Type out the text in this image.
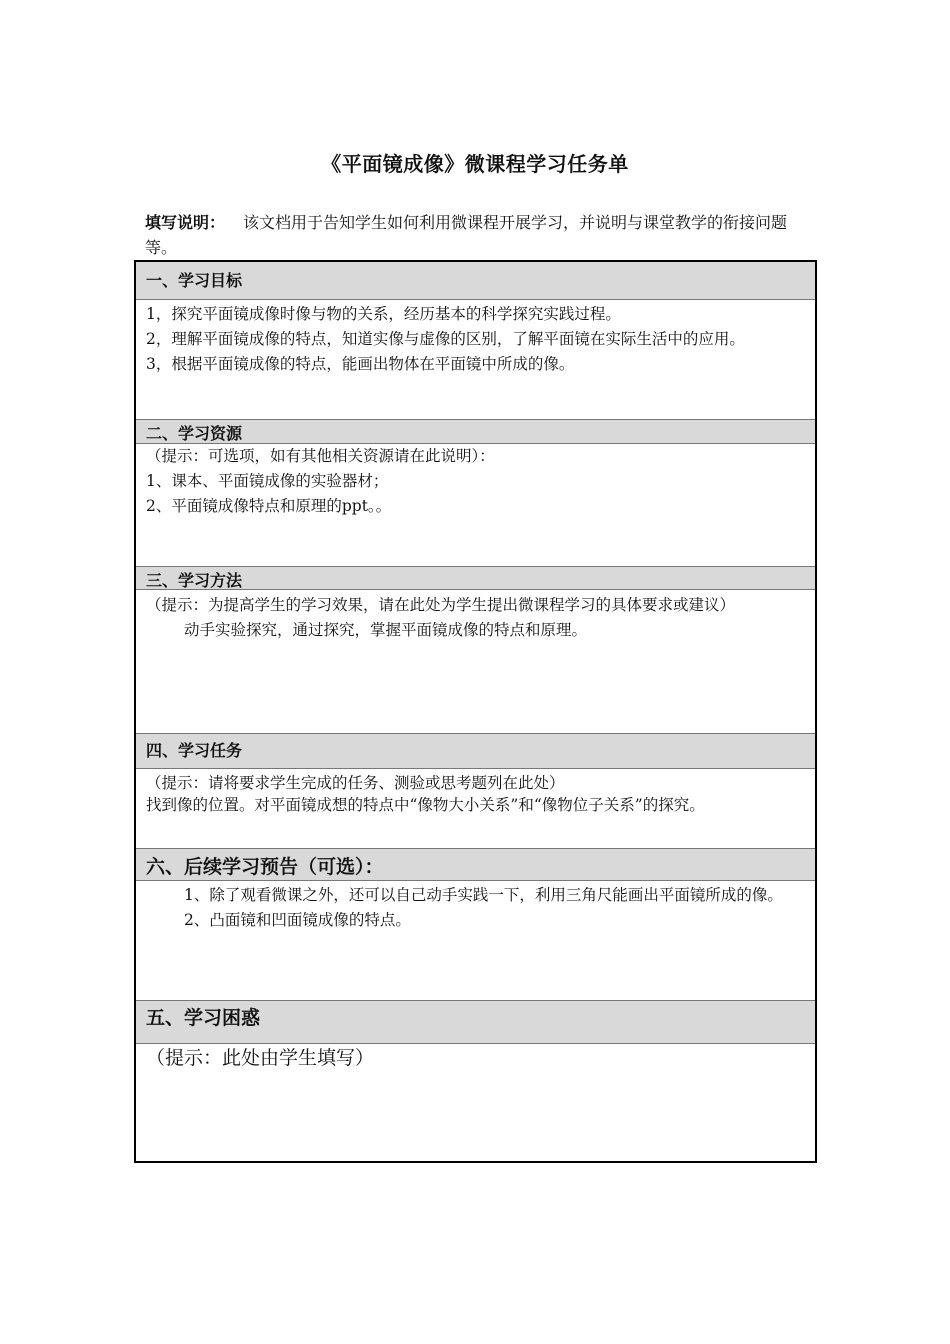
《平面镜成像》微课程学习任务单
填写说明： 该文档用于告知学生如何利用微课程开展学习，并说明与课堂教学的衔接问题等。
一、学习目标

1，探究平面镜成像时像与物的关系，经历基本的科学探究实践过程。

2，理解平面镜成像的特点，知道实像与虚像的区别，了解平面镜在实际生活中的应用。

3，根据平面镜成像的特点，能画出物体在平面镜中所成的像。

二、学习资源

（提示：可选项，如有其他相关资源请在此说明）：

1、课本、平面镜成像的实验器材；

2、平面镜成像特点和原理的ppt。。

三、学习方法

（提示：为提高学生的学习效果，请在此处为学生提出微课程学习的具体要求或建议）

动手实验探究，通过探究，掌握平面镜成像的特点和原理。

四、学习任务

（提示：请将要求学生完成的任务、测验或思考题列在此处）

找到像的位置。对平面镜成想的特点中“像物大小关系”和“像物位子关系”的探究。

六、后续学习预告（可选）：

1、除了观看微课之外，还可以自己动手实践一下，利用三角尺能画出平面镜所成的像。

2、凸面镜和凹面镜成像的特点。

五、学习困惑

（提示：此处由学生填写）
